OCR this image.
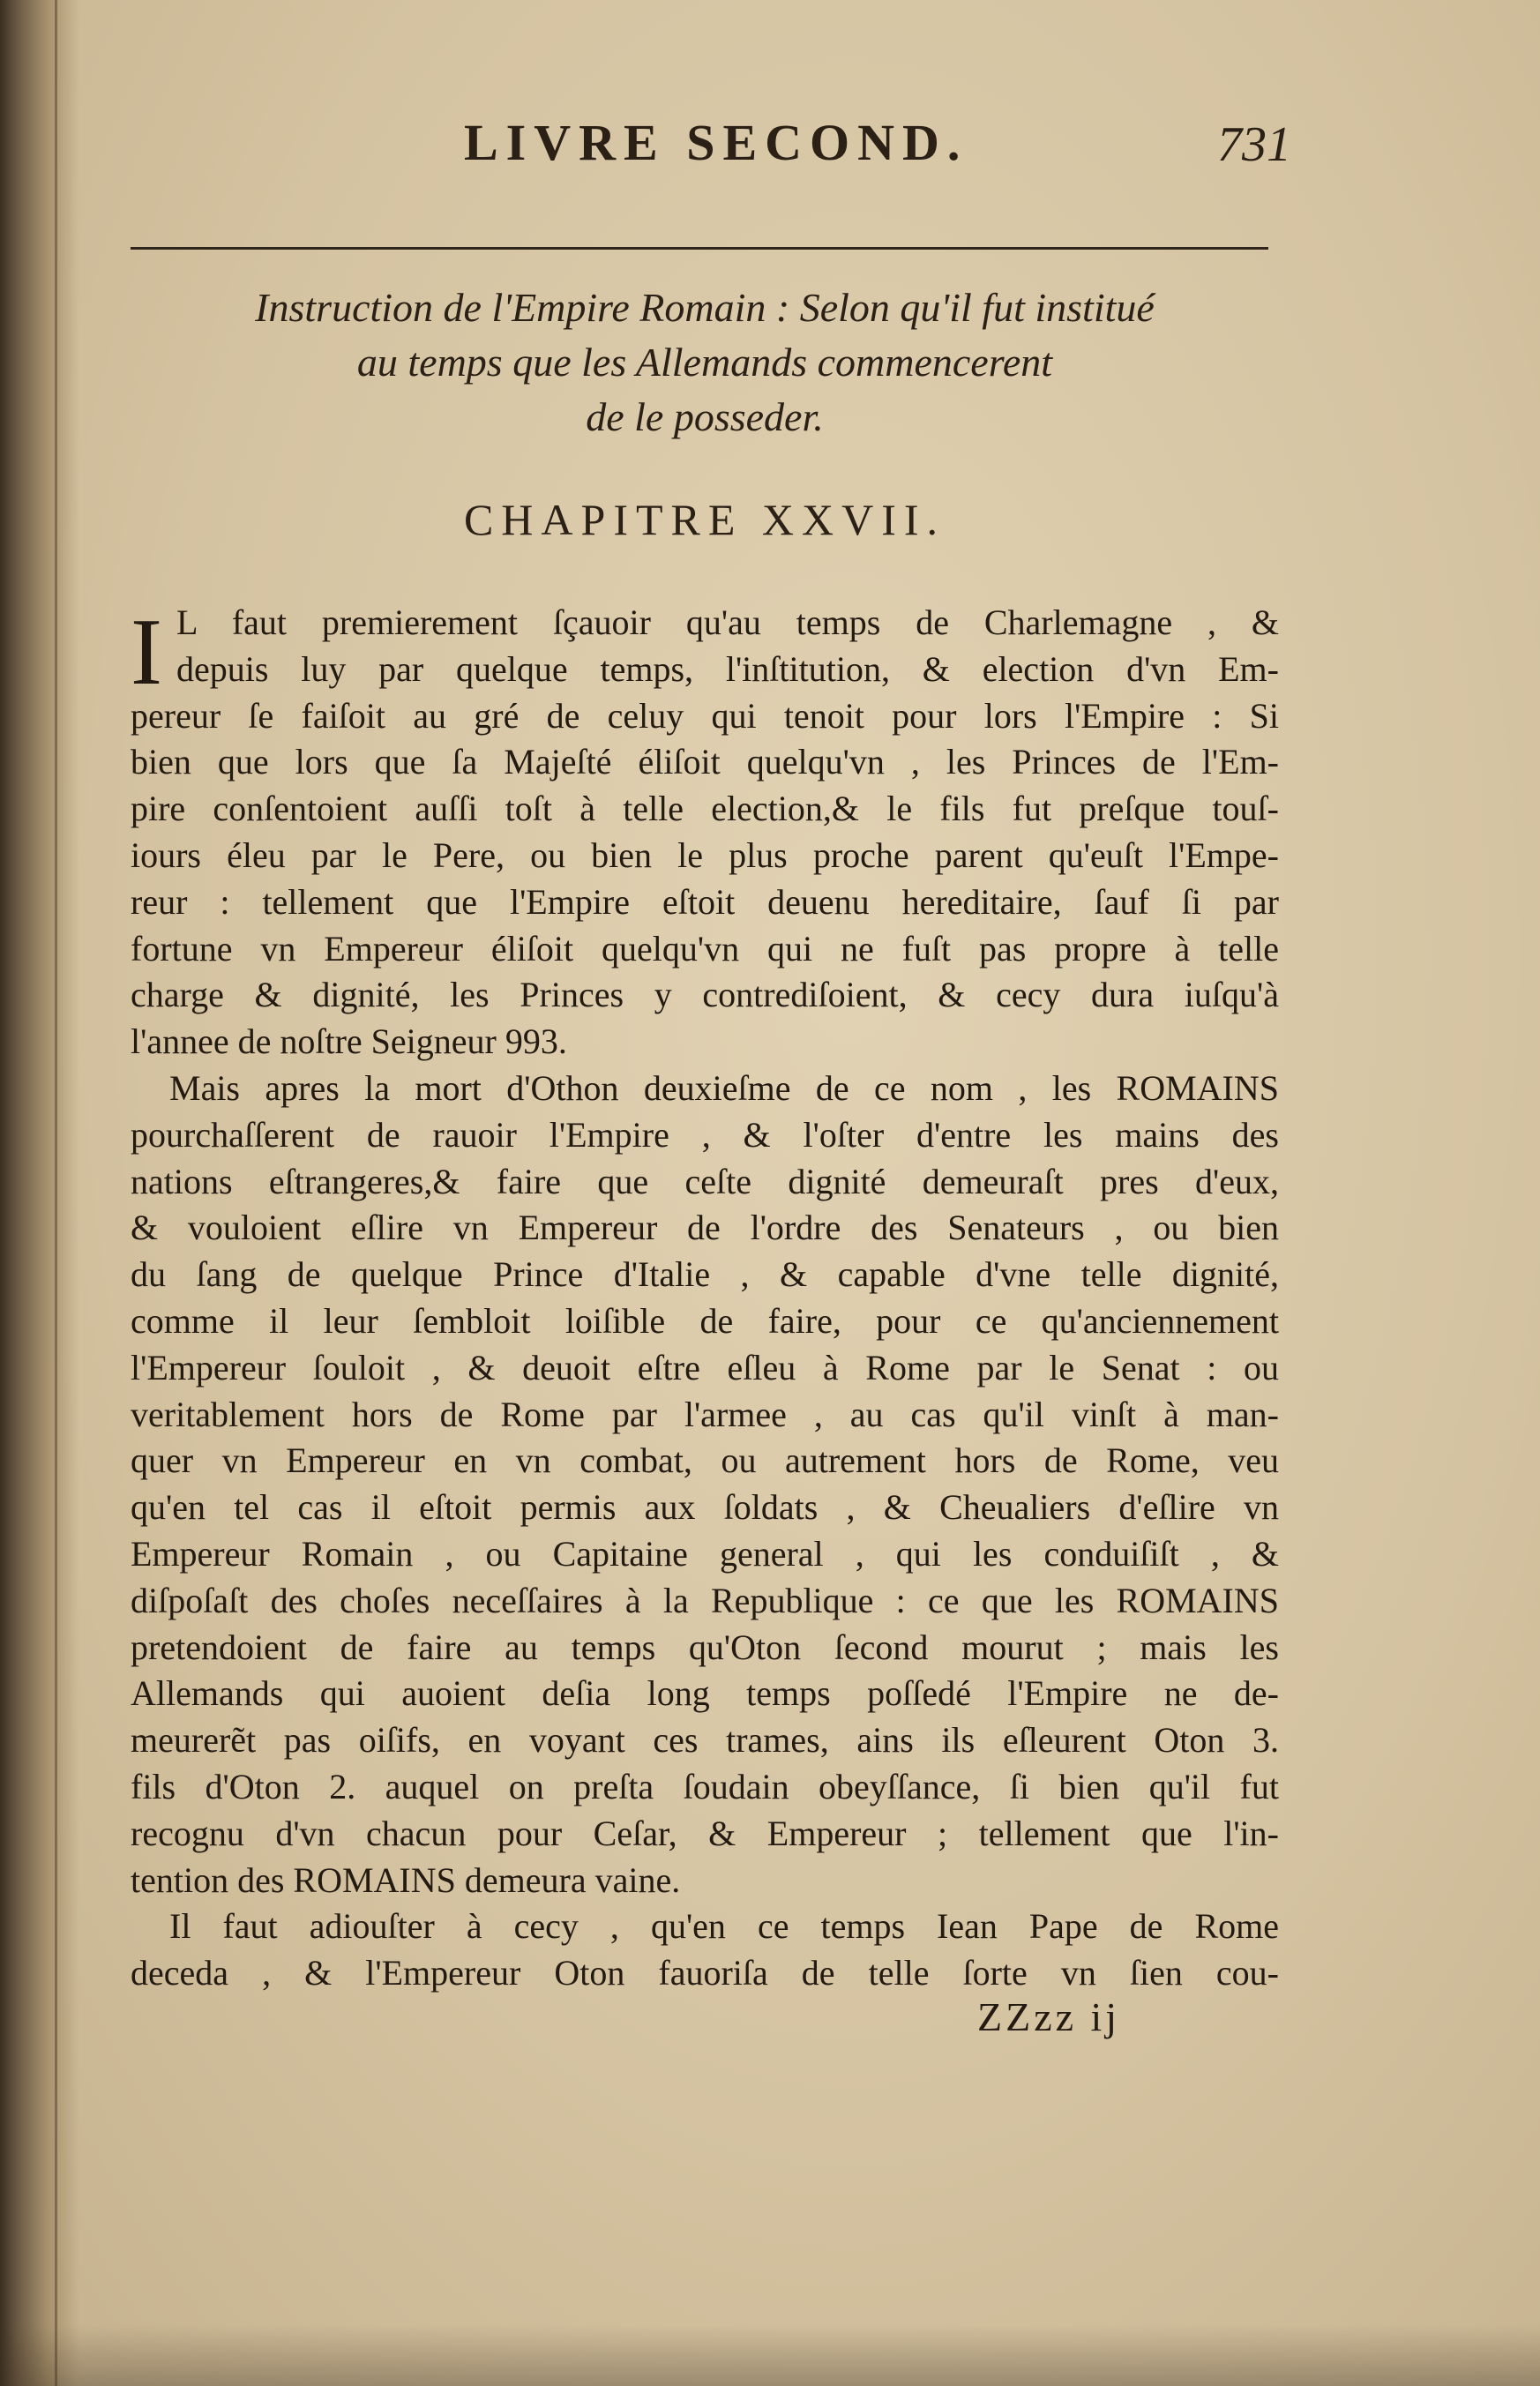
LIVRE SECOND.	731
Instruction de l'Empire Romain : Selon qu'il fut institué
au temps que les Allemands commencerent
de le posseder.
CHAPITRE XXVII.
I L faut premierement ſçauoir qu'au temps de Charlemagne , &
depuis luy par quelque temps, l'inſtitution, & election d'vn Em-
pereur ſe faiſoit au gré de celuy qui tenoit pour lors l'Empire : Si
bien que lors que ſa Majeſté éliſoit quelqu'vn , les Princes de l'Em-
pire conſentoient auſſi toſt à telle election,& le fils fut preſque touſ-
iours éleu par le Pere, ou bien le plus proche parent qu'euſt l'Empe-
reur : tellement que l'Empire eſtoit deuenu hereditaire, ſauf ſi par
fortune vn Empereur éliſoit quelqu'vn qui ne fuſt pas propre à telle
charge & dignité, les Princes y contrediſoient, & cecy dura iuſqu'à
l'annee de noſtre Seigneur 993.
Mais apres la mort d'Othon deuxieſme de ce nom , les ROMAINS
pourchaſſerent de rauoir l'Empire , & l'oſter d'entre les mains des
nations eſtrangeres,& faire que ceſte dignité demeuraſt pres d'eux,
& vouloient eſlire vn Empereur de l'ordre des Senateurs , ou bien
du ſang de quelque Prince d'Italie , & capable d'vne telle dignité,
comme il leur ſembloit loiſible de faire, pour ce qu'anciennement
l'Empereur ſouloit , & deuoit eſtre eſleu à Rome par le Senat : ou
veritablement hors de Rome par l'armee , au cas qu'il vinſt à man-
quer vn Empereur en vn combat, ou autrement hors de Rome, veu
qu'en tel cas il eſtoit permis aux ſoldats , & Cheualiers d'eſlire vn
Empereur Romain , ou Capitaine general , qui les conduiſiſt , &
diſpoſaſt des choſes neceſſaires à la Republique : ce que les ROMAINS
pretendoient de faire au temps qu'Oton ſecond mourut ; mais les
Allemands qui auoient deſia long temps poſſedé l'Empire ne de-
meurerẽt pas oiſifs, en voyant ces trames, ains ils eſleurent Oton 3.
fils d'Oton 2. auquel on preſta ſoudain obeyſſance, ſi bien qu'il fut
recognu d'vn chacun pour Ceſar, & Empereur ; tellement que l'in-
tention des ROMAINS demeura vaine.
Il faut adiouſter à cecy , qu'en ce temps Iean Pape de Rome
deceda , & l'Empereur Oton fauoriſa de telle ſorte vn ſien cou-
ZZzz ij
